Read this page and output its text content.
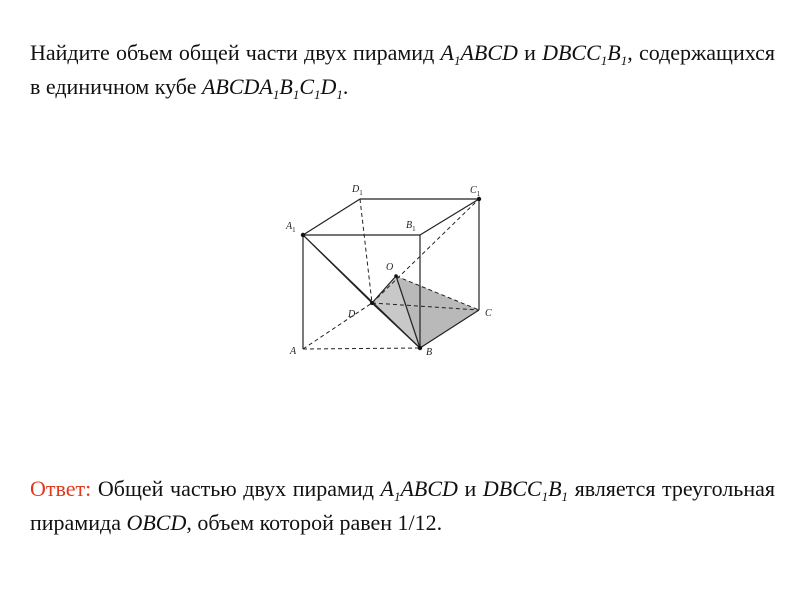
Найдите объем общей части двух пирамид $A_1ABCD$ и $DBCC_1B_1$, содержащихся в единичном кубе $ABCDA_1B_1C_1D_1$.
$A_1$
$D_1$	$C_1$
$B_1$
O
D	C
B
A
Ответ: Общей частью двух пирамид $A_1ABCD$ и $DBCC_1B_1$ является треугольная пирамида OBCD, объем которой равен 1/12.
